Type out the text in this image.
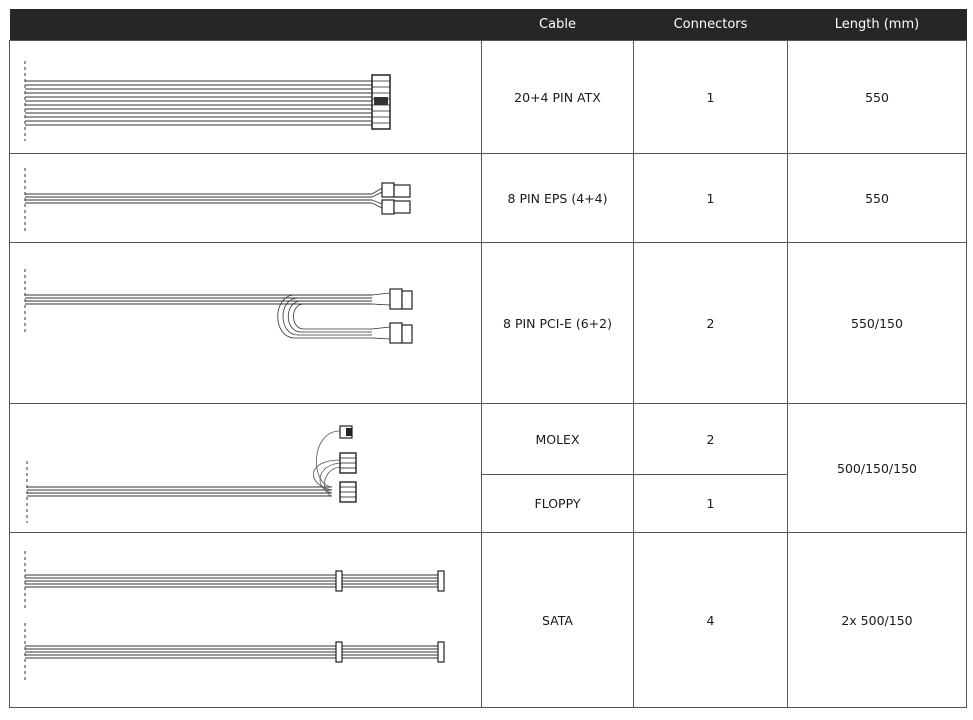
	Cable	Connectors	Length (mm)

	20+4 PIN ATX	1	550

	8 PIN EPS (4+4)	1	550

	8 PIN PCI-E (6+2)	2	550/150

	MOLEX	2	500/150/150
	FLOPPY	1	

	SATA	4	2x 500/150
